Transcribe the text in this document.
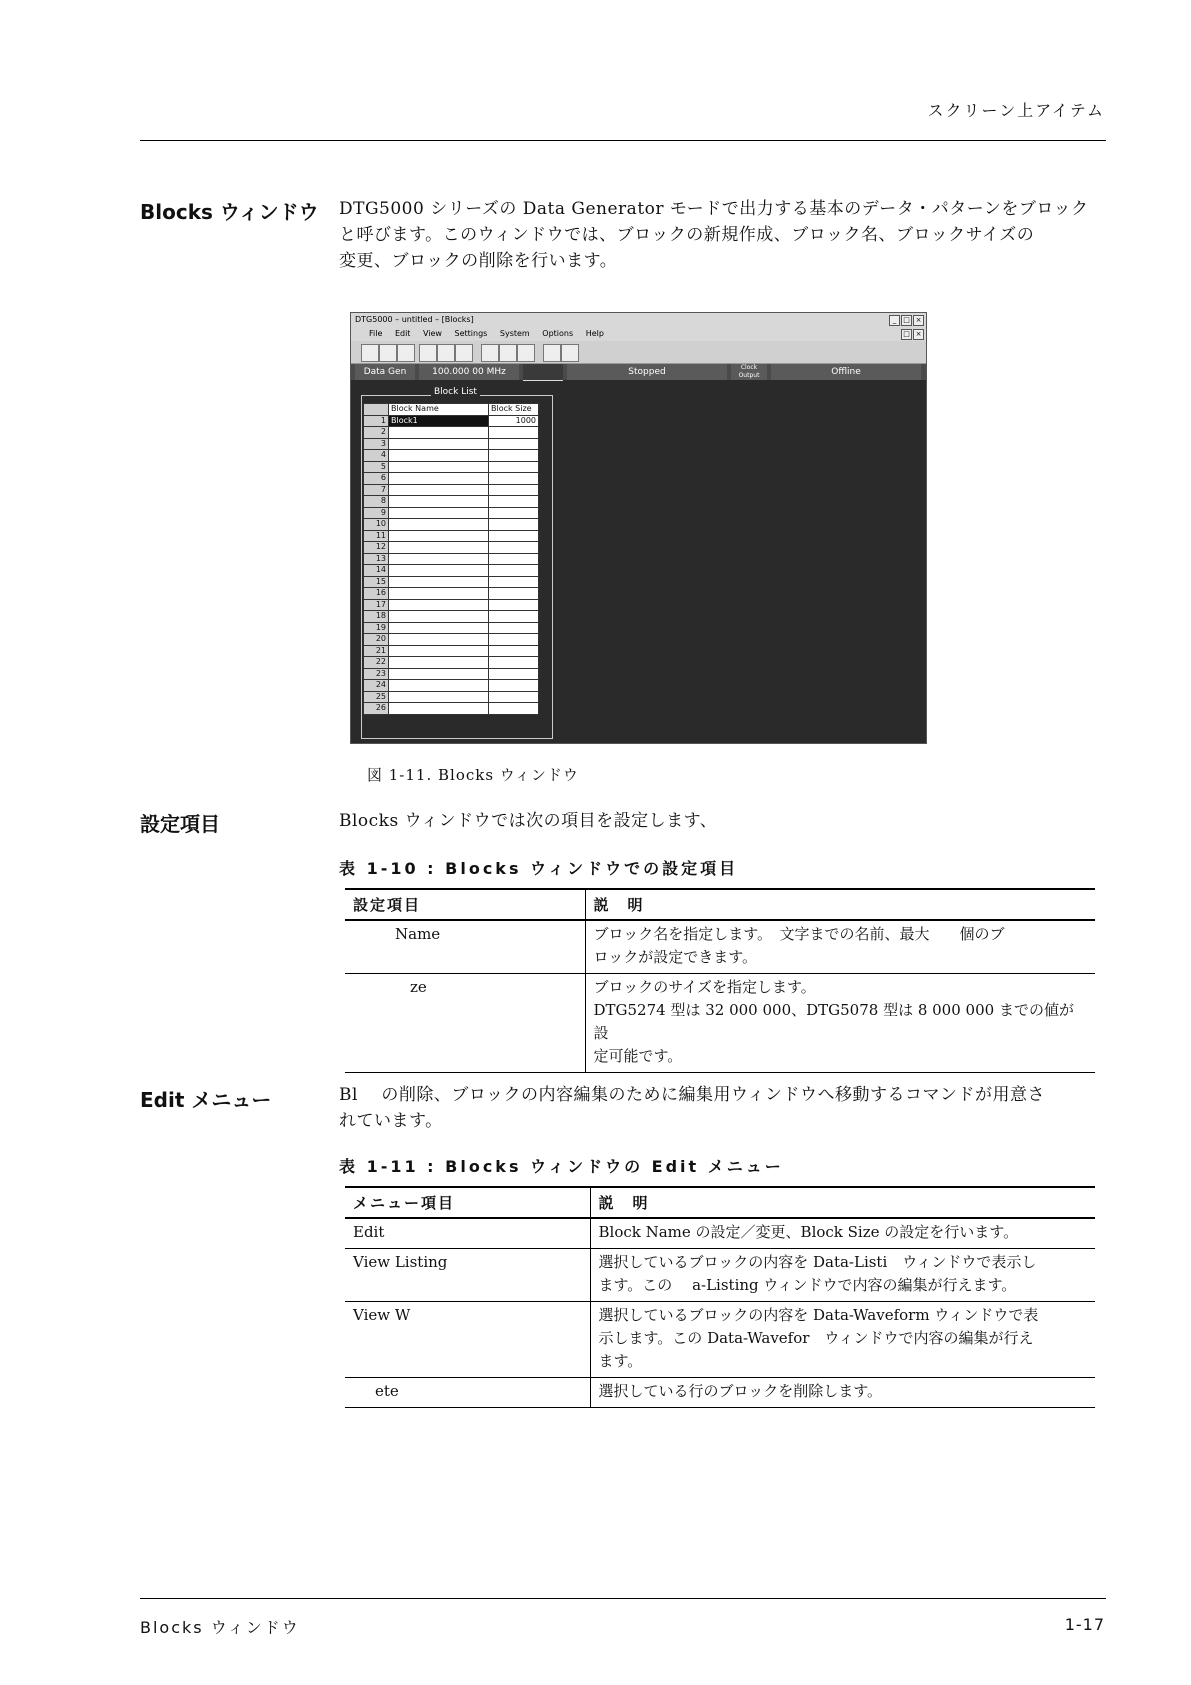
スクリーン上アイテム
Blocks ウィンドウ DTG5000 シリーズの Data Generator モードで出力する基本のデータ・パターンをブロック
と呼びます。このウィンドウでは、ブロックの新規作成、ブロック名、ブロックサイズの
変更、ブロックの削除を行います。
DTG5000 – untitled – [Blocks]	_ □ ×
File Edit View Settings System Options Help	□ ×
Data Gen	100.000 00 MHz	Stopped	Clock Output	Offline
Block List
	Block Name	Block Size
1	Block1	1000
2		
3		
4		
5		
6		
7		
8		
9		
10		
11		
12		
13		
14		
15		
16		
17		
18		
19		
20		
21		
22		
23		
24		
25		
26		
図 1-11. Blocks ウィンドウ
設定項目	Blocks ウィンドウでは次の項目を設定します、
表 1-10 : Blocks ウィンドウでの設定項目
設定項目	説　明
Name	ブロック名を指定します。　文字までの名前、最大　　個のブ
ロックが設定できます。

ze	ブロックのサイズを指定します。
DTG5274 型は 32 000 000、DTG5078 型は 8 000 000 までの値が設
定可能です。
Edit メニュー	Bl　 の削除、ブロックの内容編集のために編集用ウィンドウへ移動するコマンドが用意さ
れています。
表 1-11 : Blocks ウィンドウの Edit メニュー
メニュー項目	説　明
Edit	Block Name の設定／変更、Block Size の設定を行います。

View Listing	選択しているブロックの内容を Data-Listi　ウィンドウで表示し
ます。この　 a-Listing ウィンドウで内容の編集が行えます。

View W	選択しているブロックの内容を Data-Waveform ウィンドウで表
示します。この Data-Wavefor　ウィンドウで内容の編集が行え
ます。

ete	選択している行のブロックを削除します。
Blocks ウィンドウ	1-17
